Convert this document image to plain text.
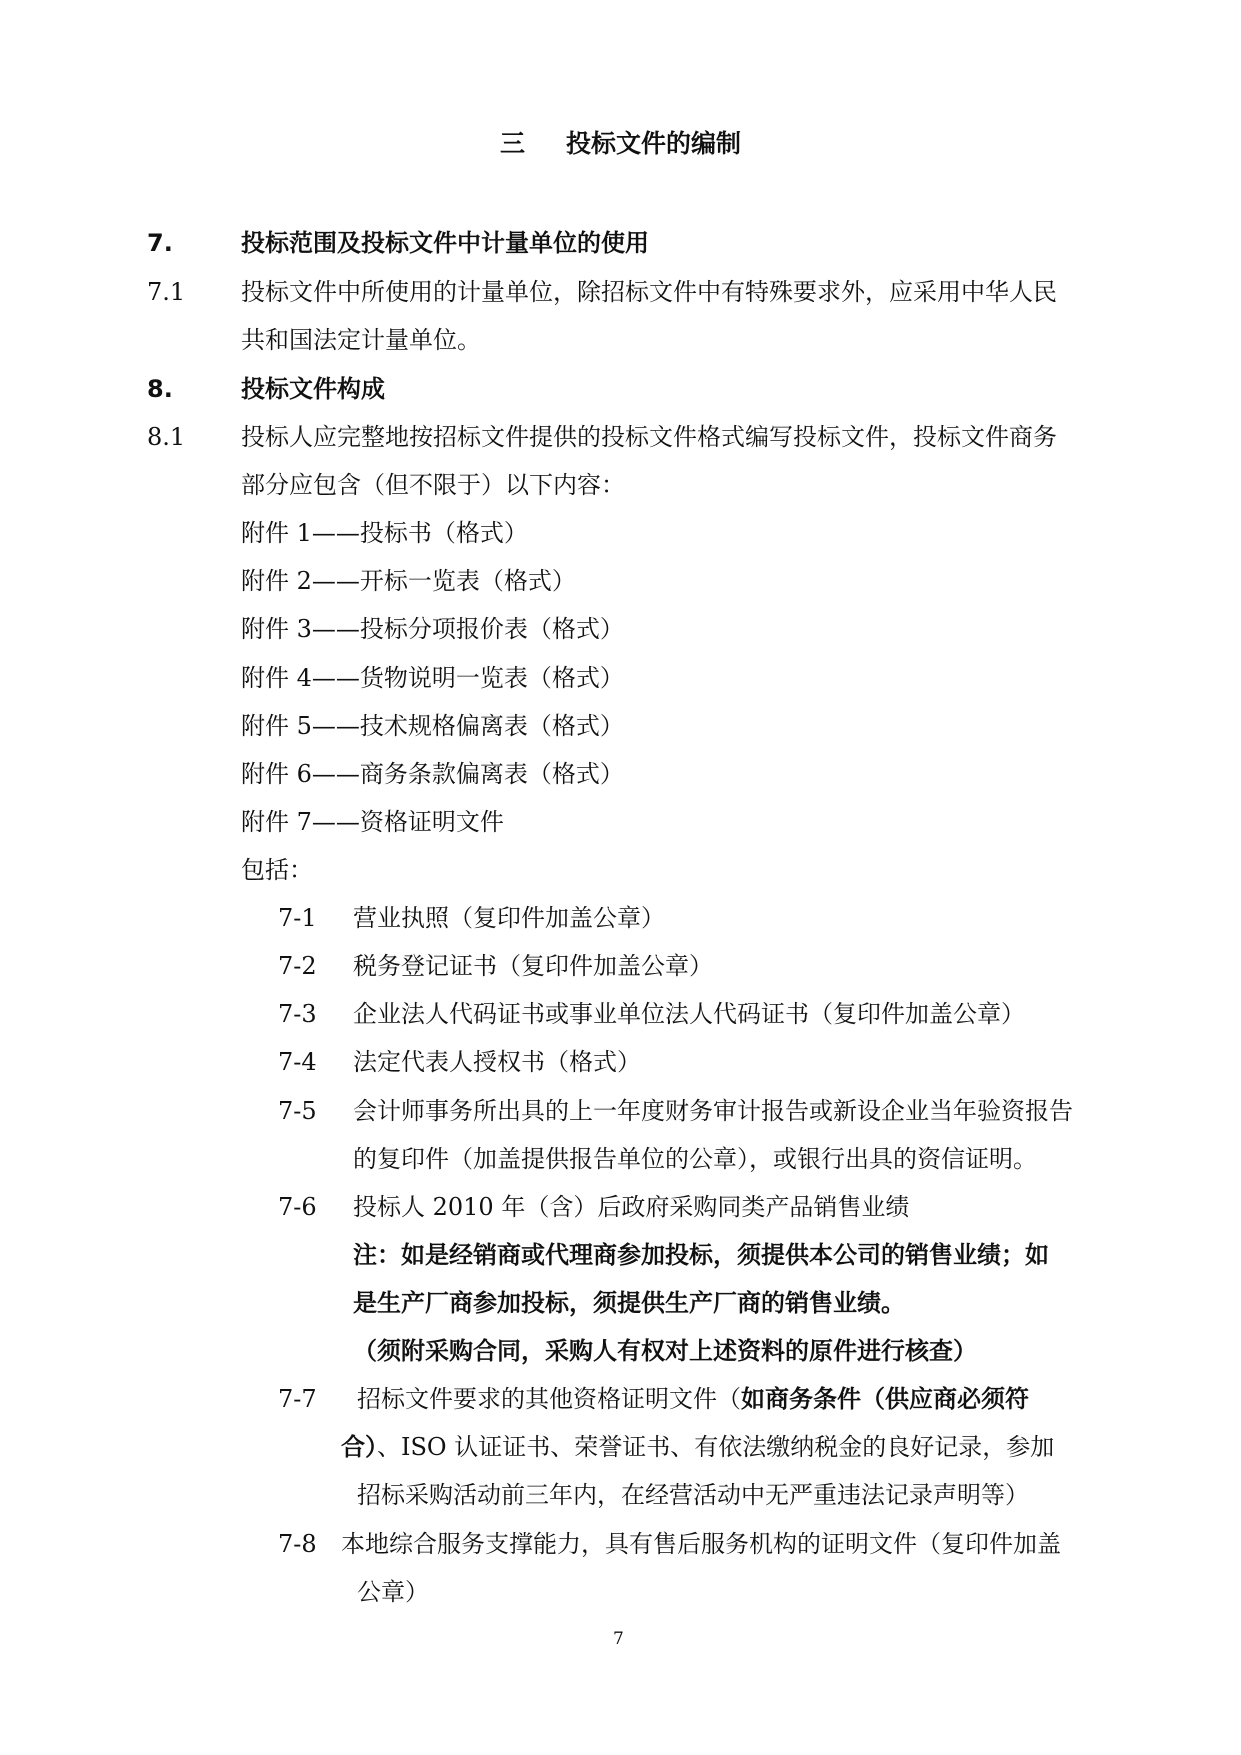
三 投标文件的编制
7.	投标范围及投标文件中计量单位的使用
7.1 投标文件中所使用的计量单位，除招标文件中有特殊要求外，应采用中华人民
共和国法定计量单位。
8.	投标文件构成
8.1 投标人应完整地按招标文件提供的投标文件格式编写投标文件，投标文件商务
部分应包含（但不限于）以下内容：
附件 1——投标书（格式）
附件 2——开标一览表（格式）
附件 3——投标分项报价表（格式）
附件 4——货物说明一览表（格式）
附件 5——技术规格偏离表（格式）
附件 6——商务条款偏离表（格式）
附件 7——资格证明文件
包括：
7-1 营业执照（复印件加盖公章）
7-2 税务登记证书（复印件加盖公章）
7-3 企业法人代码证书或事业单位法人代码证书（复印件加盖公章）
7-4 法定代表人授权书（格式）
7-5 会计师事务所出具的上一年度财务审计报告或新设企业当年验资报告
的复印件（加盖提供报告单位的公章），或银行出具的资信证明。
7-6 投标人 2010 年（含）后政府采购同类产品销售业绩
注：如是经销商或代理商参加投标，须提供本公司的销售业绩；如
是生产厂商参加投标，须提供生产厂商的销售业绩。
（须附采购合同，采购人有权对上述资料的原件进行核查）
7-7 招标文件要求的其他资格证明文件（如商务条件（供应商必须符
合）、ISO 认证证书、荣誉证书、有依法缴纳税金的良好记录，参加
招标采购活动前三年内，在经营活动中无严重违法记录声明等）
7-8 本地综合服务支撑能力，具有售后服务机构的证明文件（复印件加盖
公章）
7
